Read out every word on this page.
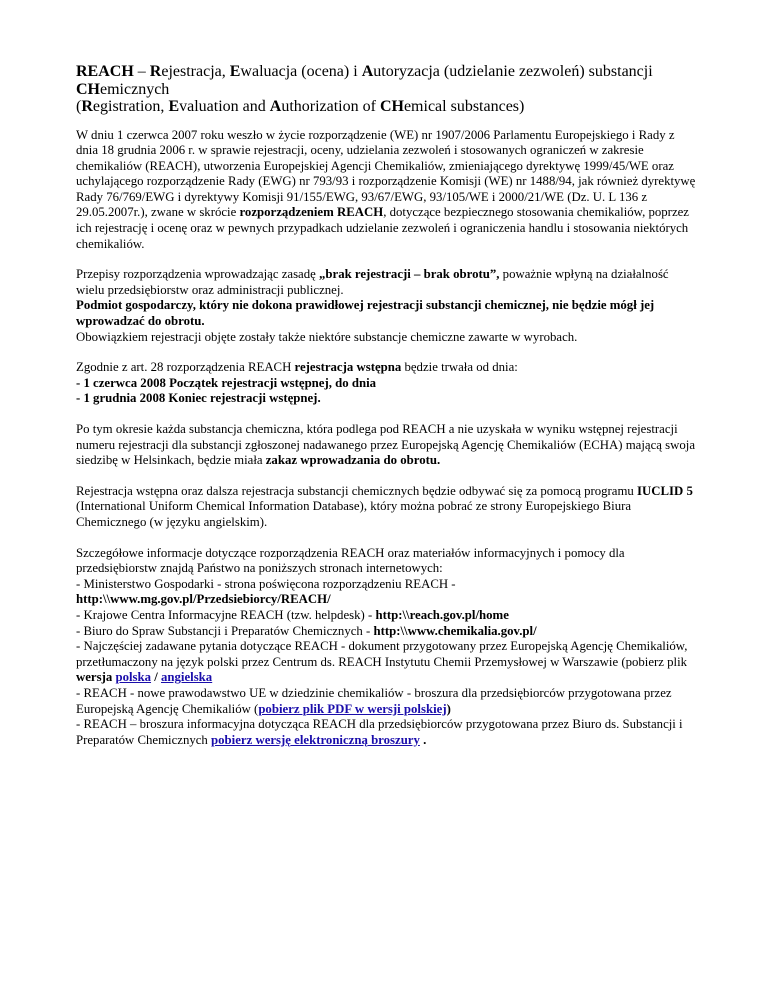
REACH – Rejestracja, Ewaluacja (ocena) i Autoryzacja (udzielanie zezwoleń) substancji
CHemicznych
(Registration, Evaluation and Authorization of CHemical substances)

W dniu 1 czerwca 2007 roku weszło w życie rozporządzenie (WE) nr 1907/2006 Parlamentu Europejskiego i Rady z dnia 18 grudnia 2006 r. w sprawie rejestracji, oceny, udzielania zezwoleń i stosowanych ograniczeń w zakresie chemikaliów (REACH), utworzenia Europejskiej Agencji Chemikaliów, zmieniającego dyrektywę 1999/45/WE oraz uchylającego rozporządzenie Rady (EWG) nr 793/93 i rozporządzenie Komisji (WE) nr 1488/94, jak również dyrektywę Rady 76/769/EWG i dyrektywy Komisji 91/155/EWG, 93/67/EWG, 93/105/WE i 2000/21/WE (Dz. U. L 136 z 29.05.2007r.), zwane w skrócie rozporządzeniem REACH, dotyczące bezpiecznego stosowania chemikaliów, poprzez ich rejestrację i ocenę oraz w pewnych przypadkach udzielanie zezwoleń i ograniczenia handlu i stosowania niektórych chemikaliów.

Przepisy rozporządzenia wprowadzając zasadę „brak rejestracji – brak obrotu”, poważnie wpłyną na działalność wielu przedsiębiorstw oraz administracji publicznej.
Podmiot gospodarczy, który nie dokona prawidłowej rejestracji substancji chemicznej, nie będzie mógł jej wprowadzać do obrotu.
Obowiązkiem rejestracji objęte zostały także niektóre substancje chemiczne zawarte w wyrobach.

Zgodnie z art. 28 rozporządzenia REACH rejestracja wstępna będzie trwała od dnia:
- 1 czerwca 2008 Początek rejestracji wstępnej, do dnia
- 1 grudnia 2008 Koniec rejestracji wstępnej.

Po tym okresie każda substancja chemiczna, która podlega pod REACH a nie uzyskała w wyniku wstępnej rejestracji numeru rejestracji dla substancji zgłoszonej nadawanego przez Europejską Agencję Chemikaliów (ECHA) mającą swoja siedzibę w Helsinkach, będzie miała zakaz wprowadzania do obrotu.

Rejestracja wstępna oraz dalsza rejestracja substancji chemicznych będzie odbywać się za pomocą programu IUCLID 5 (International Uniform Chemical Information Database), który można pobrać ze strony Europejskiego Biura Chemicznego (w języku angielskim).

Szczegółowe informacje dotyczące rozporządzenia REACH oraz materiałów informacyjnych i pomocy dla przedsiębiorstw znajdą Państwo na poniższych stronach internetowych:
- Ministerstwo Gospodarki - strona poświęcona rozporządzeniu REACH -
http:\\www.mg.gov.pl/Przedsiebiorcy/REACH/
- Krajowe Centra Informacyjne REACH (tzw. helpdesk) - http:\\reach.gov.pl/home
- Biuro do Spraw Substancji i Preparatów Chemicznych - http:\\www.chemikalia.gov.pl/
- Najczęściej zadawane pytania dotyczące REACH - dokument przygotowany przez Europejską Agencję Chemikaliów, przetłumaczony na język polski przez Centrum ds. REACH Instytutu Chemii Przemysłowej w Warszawie (pobierz plik wersja polska / angielska
- REACH - nowe prawodawstwo UE w dziedzinie chemikaliów - broszura dla przedsiębiorców przygotowana przez Europejską Agencję Chemikaliów (pobierz plik PDF w wersji polskiej)
- REACH – broszura informacyjna dotycząca REACH dla przedsiębiorców przygotowana przez Biuro ds. Substancji i Preparatów Chemicznych pobierz wersję elektroniczną broszury .
